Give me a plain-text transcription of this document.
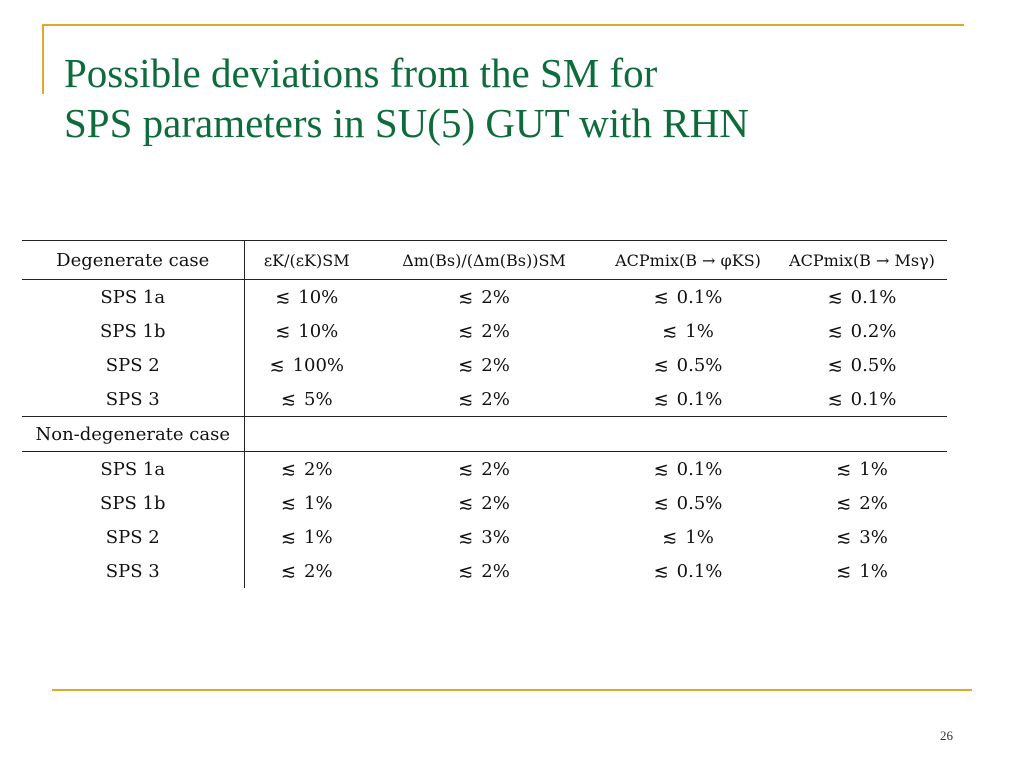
Possible deviations from the SM for
SPS parameters in SU(5) GUT with RHN
Degenerate case	εK/(εK)SM	Δm(Bs)/(Δm(Bs))SM	ACPmix(B → φKS)	ACPmix(B → Msγ)
SPS 1a	≲ 10%	≲ 2%	≲ 0.1%	≲ 0.1%
SPS 1b	≲ 10%	≲ 2%	≲ 1%	≲ 0.2%
SPS 2	≲ 100%	≲ 2%	≲ 0.5%	≲ 0.5%
SPS 3	≲ 5%	≲ 2%	≲ 0.1%	≲ 0.1%
Non-degenerate case				
SPS 1a	≲ 2%	≲ 2%	≲ 0.1%	≲ 1%
SPS 1b	≲ 1%	≲ 2%	≲ 0.5%	≲ 2%
SPS 2	≲ 1%	≲ 3%	≲ 1%	≲ 3%
SPS 3	≲ 2%	≲ 2%	≲ 0.1%	≲ 1%
26
